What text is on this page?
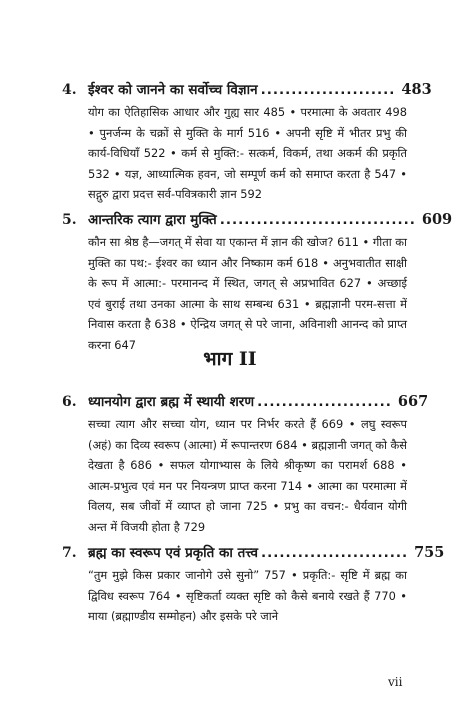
4. ईश्वर को जानने का सर्वोच्च विज्ञान ...................... 483
योग का ऐतिहासिक आधार और गुह्य सार 485 • परमात्मा के अवतार 498 • पुनर्जन्म के चक्रों से मुक्ति के मार्ग 516 • अपनी सृष्टि में भीतर प्रभु की कार्य-विधियाँ 522 • कर्म से मुक्ति:- सत्कर्म, विकर्म, तथा अकर्म की प्रकृति 532 • यज्ञ, आध्यात्मिक हवन, जो सम्पूर्ण कर्म को समाप्त करता है 547 • सद्गुरु द्वारा प्रदत्त सर्व-पवित्रकारी ज्ञान 592
5. आन्तरिक त्याग द्वारा मुक्ति ................................ 609
कौन सा श्रेष्ठ है—जगत् में सेवा या एकान्त में ज्ञान की खोज? 611 • गीता का मुक्ति का पथ:- ईश्वर का ध्यान और निष्काम कर्म 618 • अनुभवातीत साक्षी के रूप में आत्मा:- परमानन्द में स्थित, जगत् से अप्रभावित 627 • अच्छाई एवं बुराई तथा उनका आत्मा के साथ सम्बन्ध 631 • ब्रह्मज्ञानी परम-सत्ता में निवास करता है 638 • ऐन्द्रिय जगत् से परे जाना, अविनाशी आनन्द को प्राप्त करना 647
भाग II
6. ध्यानयोग द्वारा ब्रह्म में स्थायी शरण ...................... 667
सच्चा त्याग और सच्चा योग, ध्यान पर निर्भर करते हैं 669 • लघु स्वरूप (अहं) का दिव्य स्वरूप (आत्मा) में रूपान्तरण 684 • ब्रह्मज्ञानी जगत् को कैसे देखता है 686 • सफल योगाभ्यास के लिये श्रीकृष्ण का परामर्श 688 • आत्म-प्रभुत्व एवं मन पर नियन्त्रण प्राप्त करना 714 • आत्मा का परमात्मा में विलय, सब जीवों में व्याप्त हो जाना 725 • प्रभु का वचन:- धैर्यवान योगी अन्त में विजयी होता है 729
7. ब्रह्म का स्वरूप एवं प्रकृति का तत्त्व ........................ 755
“तुम मुझे किस प्रकार जानोगे उसे सुनो” 757 • प्रकृति:- सृष्टि में ब्रह्म का द्विविध स्वरूप 764 • सृष्टिकर्ता व्यक्त सृष्टि को कैसे बनाये रखते हैं 770 • माया (ब्रह्माण्डीय सम्मोहन) और इसके परे जाने
vii
